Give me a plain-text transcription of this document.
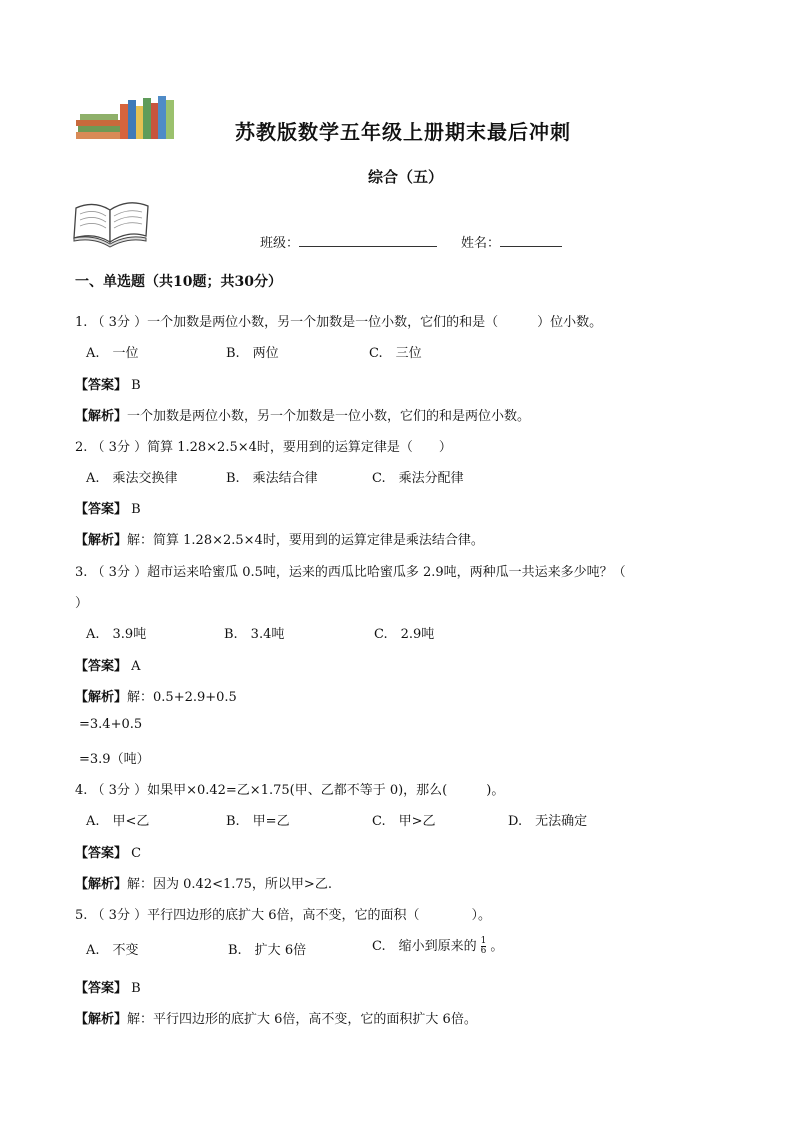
苏教版数学五年级上册期末最后冲刺
综合（五）
班级：	姓名：
一、单选题（共10题；共30分）
1. （ 3分 ）一个加数是两位小数，另一个加数是一位小数，它们的和是（　　　）位小数。
A.　一位	B.　两位	C.　三位
【答案】 B
【解析】一个加数是两位小数，另一个加数是一位小数，它们的和是两位小数。
2. （ 3分 ）简算 1.28×2.5×4时，要用到的运算定律是（　　）
A.　乘法交换律	B.　乘法结合律	C.　乘法分配律
【答案】 B
【解析】解：简算 1.28×2.5×4时，要用到的运算定律是乘法结合律。
3. （ 3分 ）超市运来哈蜜瓜 0.5吨，运来的西瓜比哈蜜瓜多 2.9吨，两种瓜一共运来多少吨？（
）
A.　3.9吨	B.　3.4吨	C.　2.9吨
【答案】 A
【解析】解：0.5+2.9+0.5
=3.4+0.5
=3.9（吨）
4. （ 3分 ）如果甲×0.42=乙×1.75(甲、乙都不等于 0)，那么(　　　)。
A.　甲<乙	B.　甲=乙	C.　甲>乙	D.　无法确定
【答案】 C
【解析】解：因为 0.42<1.75，所以甲>乙.
5. （ 3分 ）平行四边形的底扩大 6倍，高不变，它的面积（　　　　）。
A.　不变	B.　扩大 6倍	C.　缩小到原来的 $\frac{1}{6}$ 。
【答案】 B
【解析】解：平行四边形的底扩大 6倍，高不变，它的面积扩大 6倍。
